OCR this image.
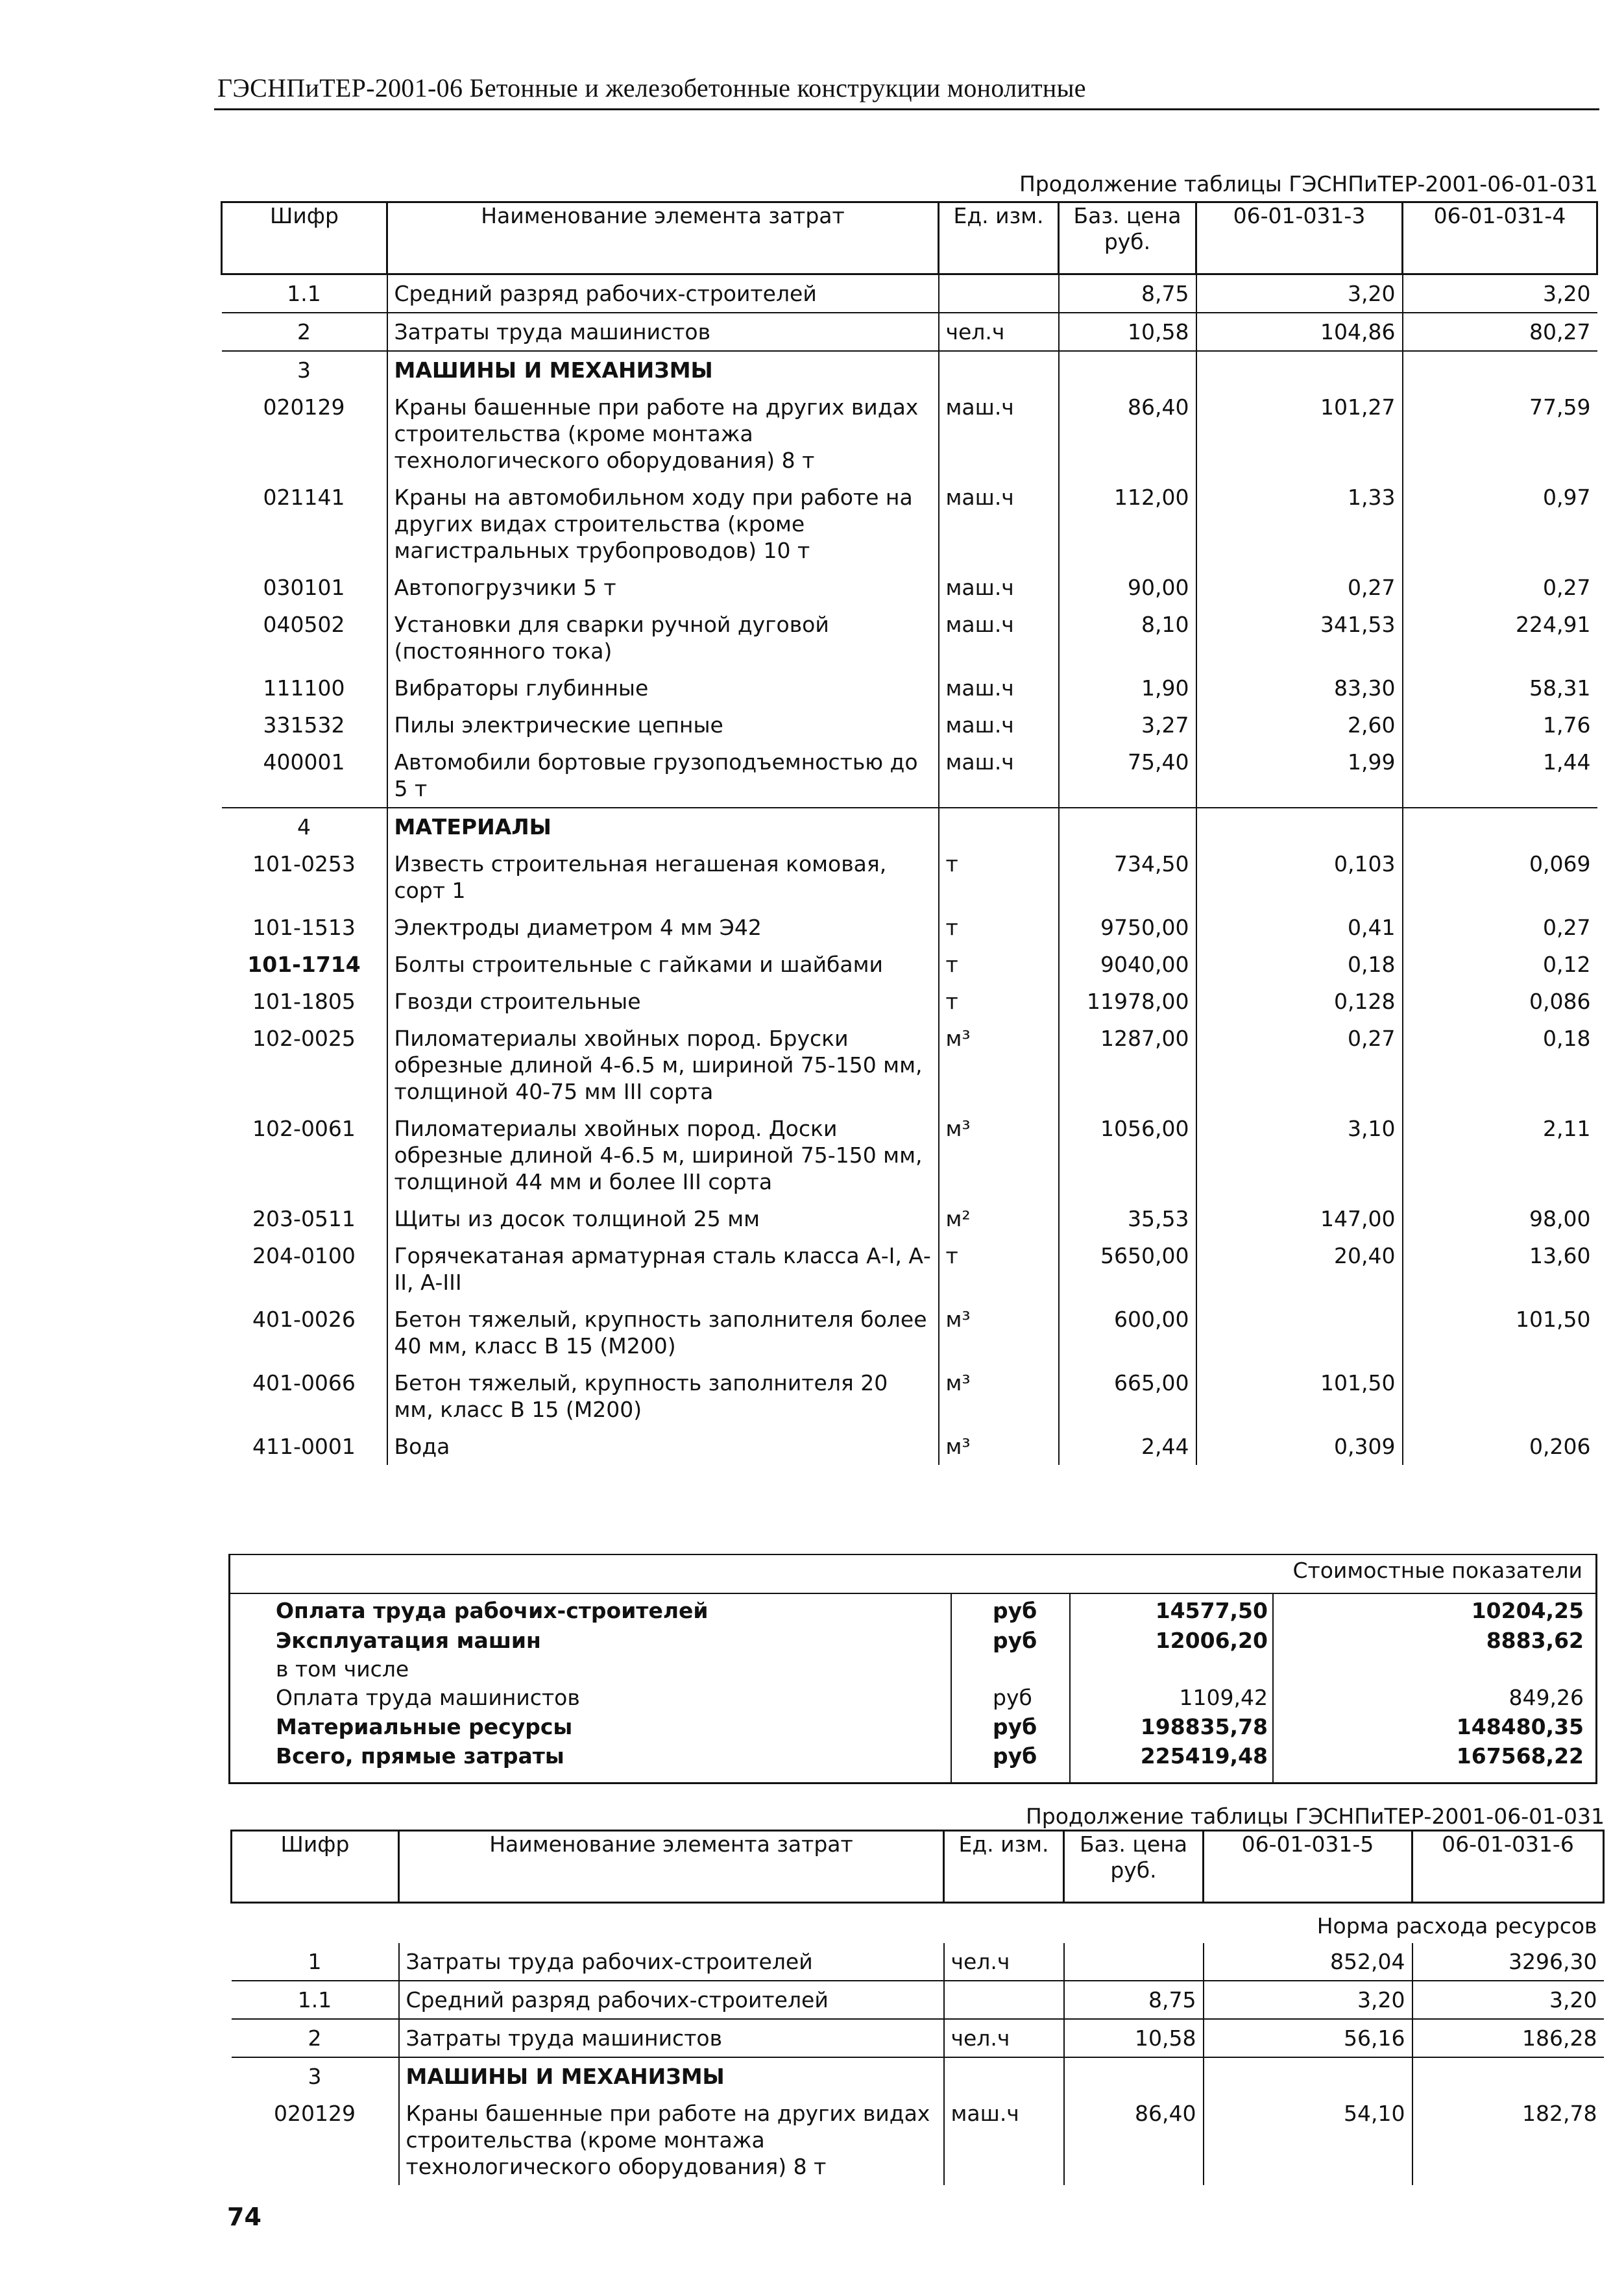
ГЭСНПиТЕР-2001-06 Бетонные и железобетонные конструкции монолитные
Продолжение таблицы ГЭСНПиТЕР-2001-06-01-031
Шифр	Наименование элемента затрат	Ед. изм.	Баз. цена руб.	06-01-031-3	06-01-031-4
1.1	Средний разряд рабочих-строителей		8,75	3,20	3,20
2	Затраты труда машинистов	чел.ч	10,58	104,86	80,27
3	МАШИНЫ И МЕХАНИЗМЫ				
020129	Краны башенные при работе на других видах строительства (кроме монтажа технологического оборудования) 8 т	маш.ч	86,40	101,27	77,59
021141	Краны на автомобильном ходу при работе на других видах строительства (кроме магистральных трубопроводов) 10 т	маш.ч	112,00	1,33	0,97
030101	Автопогрузчики 5 т	маш.ч	90,00	0,27	0,27
040502	Установки для сварки ручной дуговой (постоянного тока)	маш.ч	8,10	341,53	224,91
111100	Вибраторы глубинные	маш.ч	1,90	83,30	58,31
331532	Пилы электрические цепные	маш.ч	3,27	2,60	1,76
400001	Автомобили бортовые грузоподъемностью до 5 т	маш.ч	75,40	1,99	1,44
4	МАТЕРИАЛЫ				
101-0253	Известь строительная негашеная комовая, сорт 1	т	734,50	0,103	0,069
101-1513	Электроды диаметром 4 мм Э42	т	9750,00	0,41	0,27
101-1714	Болты строительные с гайками и шайбами	т	9040,00	0,18	0,12
101-1805	Гвозди строительные	т	11978,00	0,128	0,086
102-0025	Пиломатериалы хвойных пород. Бруски обрезные длиной 4-6.5 м, шириной 75-150 мм, толщиной 40-75 мм III сорта	м³	1287,00	0,27	0,18
102-0061	Пиломатериалы хвойных пород. Доски обрезные длиной 4-6.5 м, шириной 75-150 мм, толщиной 44 мм и более III сорта	м³	1056,00	3,10	2,11
203-0511	Щиты из досок толщиной 25 мм	м²	35,53	147,00	98,00
204-0100	Горячекатаная арматурная сталь класса А-I, А-II, А-III	т	5650,00	20,40	13,60
401-0026	Бетон тяжелый, крупность заполнителя более 40 мм, класс В 15 (М200)	м³	600,00		101,50
401-0066	Бетон тяжелый, крупность заполнителя 20 мм, класс В 15 (М200)	м³	665,00	101,50	
411-0001	Вода	м³	2,44	0,309	0,206
Стоимостные показатели
Оплата труда рабочих-строителей	руб	14577,50	10204,25
Эксплуатация машин	руб	12006,20	8883,62
в том числе
Оплата труда машинистов	руб	1109,42	849,26
Материальные ресурсы	руб	198835,78	148480,35
Всего, прямые затраты	руб	225419,48	167568,22
Продолжение таблицы ГЭСНПиТЕР-2001-06-01-031
Шифр	Наименование элемента затрат	Ед. изм.	Баз. цена руб.	06-01-031-5	06-01-031-6
Норма расхода ресурсов					
1	Затраты труда рабочих-строителей	чел.ч		852,04	3296,30
1.1	Средний разряд рабочих-строителей		8,75	3,20	3,20
2	Затраты труда машинистов	чел.ч	10,58	56,16	186,28
3	МАШИНЫ И МЕХАНИЗМЫ				
020129	Краны башенные при работе на других видах строительства (кроме монтажа технологического оборудования) 8 т	маш.ч	86,40	54,10	182,78
74
